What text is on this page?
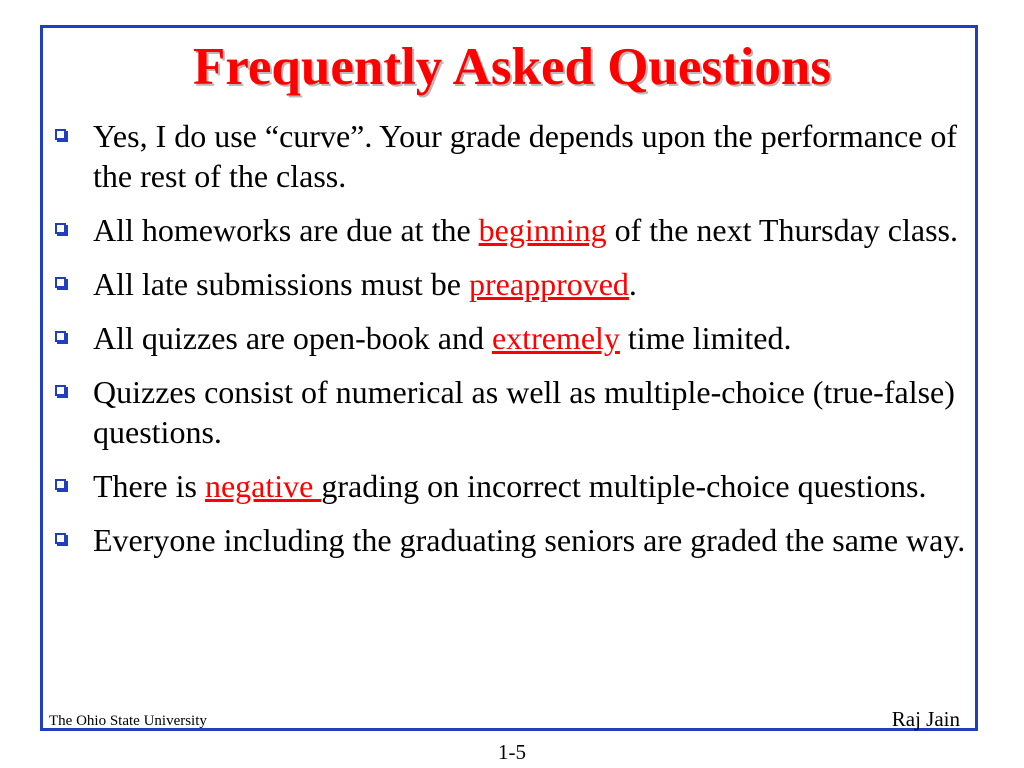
Frequently Asked Questions
Yes, I do use “curve”. Your grade depends upon the performance of the rest of the class.
All homeworks are due at the beginning of the next Thursday class.
All late submissions must be preapproved.
All quizzes are open-book and extremely time limited.
Quizzes consist of numerical as well as multiple-choice (true-false) questions.
There is negative grading on incorrect multiple-choice questions.
Everyone including the graduating seniors are graded the same way.
The Ohio State University	Raj Jain
1-5
